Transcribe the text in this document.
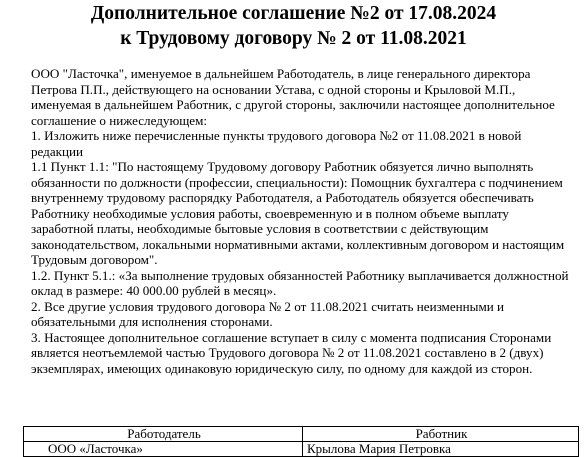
Дополнительное соглашение №2 от 17.08.2024
к Трудовому договору № 2 от 11.08.2021

ООО "Ласточка", именуемое в дальнейшем Работодатель, в лице генерального директора Петрова П.П., действующего на основании Устава, с одной стороны и Крыловой М.П., именуемая в дальнейшем Работник, с другой стороны, заключили настоящее дополнительное соглашение о нижеследующем:

1. Изложить ниже перечисленные пункты трудового договора №2 от 11.08.2021 в новой редакции

1.1 Пункт 1.1: "По настоящему Трудовому договору Работник обязуется лично выполнять обязанности по должности (профессии, специальности): Помощник бухгалтера с подчинением внутреннему трудовому распорядку Работодателя, а Работодатель обязуется обеспечивать Работнику необходимые условия работы, своевременную и в полном объеме выплату заработной платы, необходимые бытовые условия в соответствии с действующим законодательством, локальными нормативными актами, коллективным договором и настоящим Трудовым договором".

1.2. Пункт 5.1.: «За выполнение трудовых обязанностей Работнику выплачивается должностной оклад в размере: 40 000.00 рублей в месяц».

2. Все другие условия трудового договора № 2 от 11.08.2021 считать неизменными и обязательными для исполнения сторонами.

3. Настоящее дополнительное соглашение вступает в силу с момента подписания Сторонами является неотъемлемой частью Трудового договора № 2 от 11.08.2021 составлено в 2 (двух) экземплярах, имеющих одинаковую юридическую силу, по одному для каждой из сторон.

Работодатель	Работник
ООО «Ласточка»	Крылова Мария Петровка
